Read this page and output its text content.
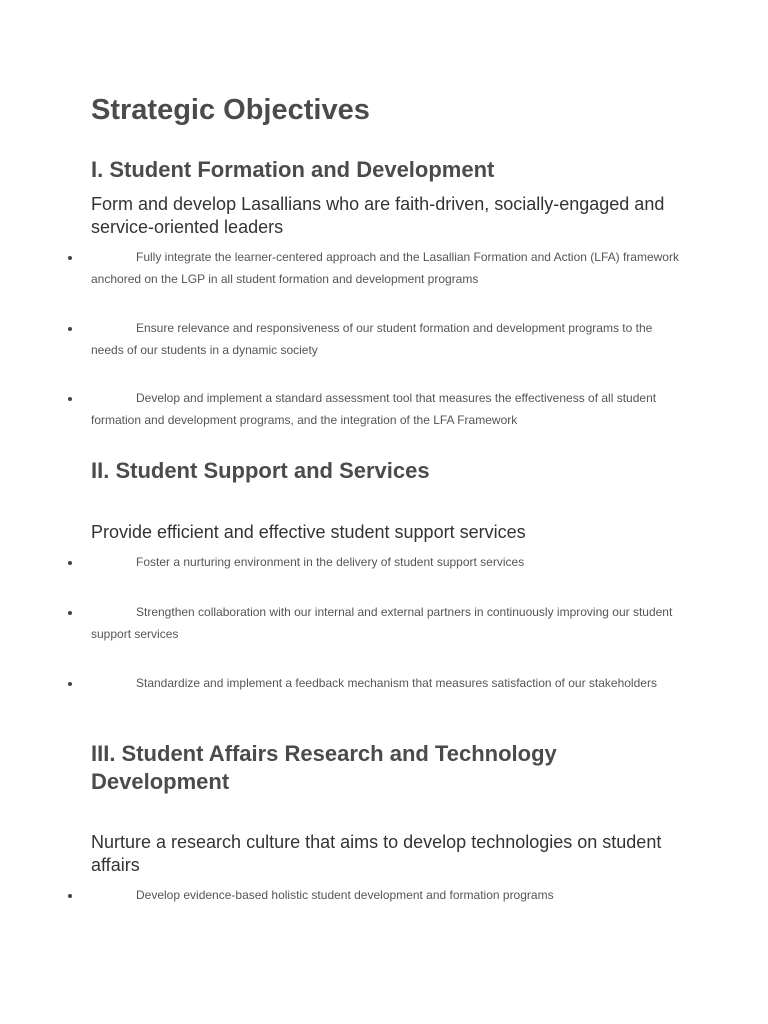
Strategic Objectives
I. Student Formation and Development
Form and develop Lasallians who are faith-driven, socially-engaged and service-oriented leaders
Fully integrate the learner-centered approach and the Lasallian Formation and Action (LFA) framework anchored on the LGP in all student formation and development programs
Ensure relevance and responsiveness of our student formation and development programs to the needs of our students in a dynamic society
Develop and implement a standard assessment tool that measures the effectiveness of all student formation and development programs, and the integration of the LFA Framework
II. Student Support and Services
Provide efficient and effective student support services
Foster a nurturing environment in the delivery of student support services
Strengthen collaboration with our internal and external partners in continuously improving our student support services
Standardize and implement a feedback mechanism that measures satisfaction of our stakeholders
III. Student Affairs Research and Technology Development
Nurture a research culture that aims to develop technologies on student affairs
Develop evidence-based holistic student development and formation programs
